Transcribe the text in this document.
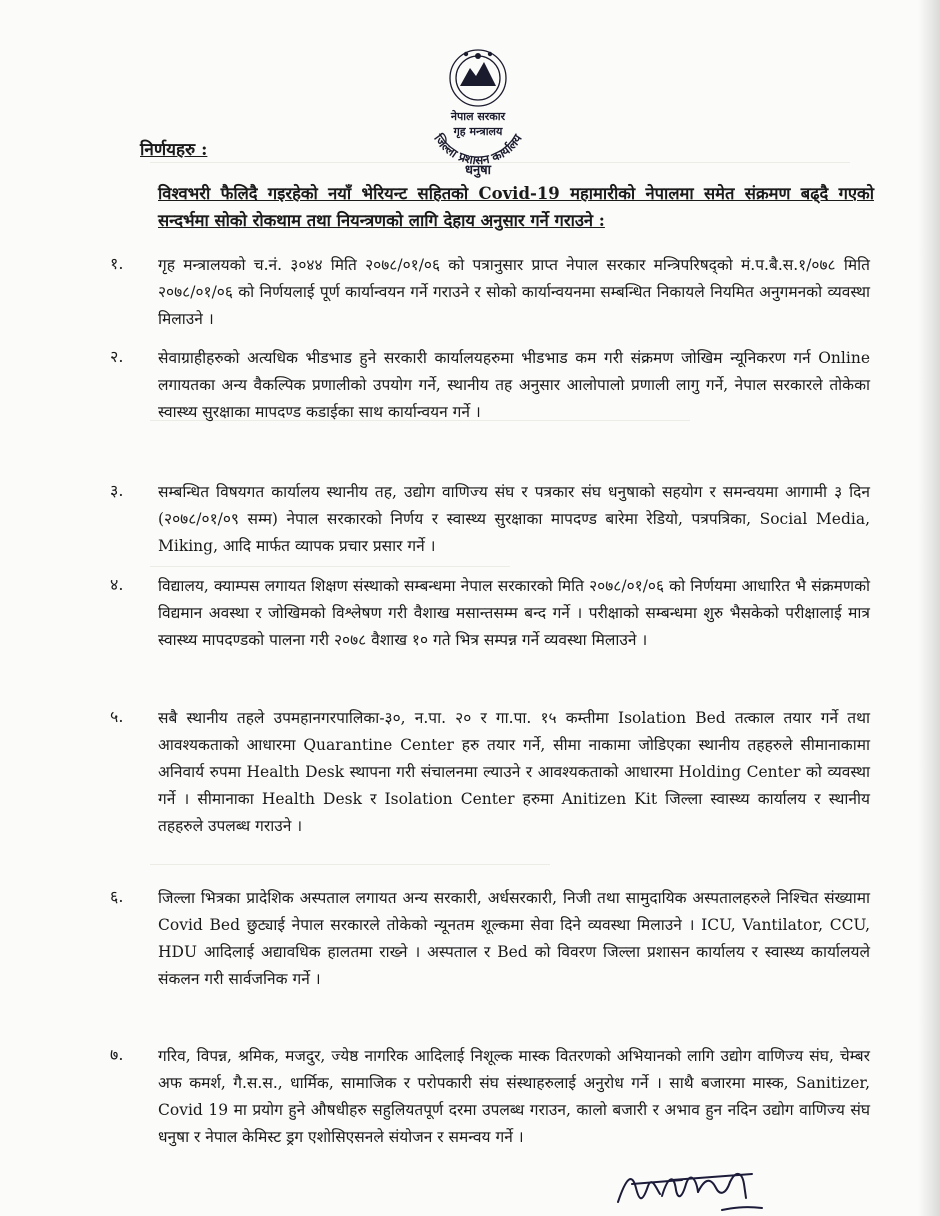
नेपाल सरकार
गृह मन्त्रालय
जिल्ला प्रशासन कार्यालय
धनुषा
निर्णयहरु :
विश्वभरी फैलिदै गइरहेको नयाँ भेरियन्ट सहितको Covid-19 महामारीको नेपालमा समेत संक्रमण बढ्दै गएको सन्दर्भमा सोको रोकथाम तथा नियन्त्रणको लागि देहाय अनुसार गर्ने गराउने :
१. गृह मन्त्रालयको च.नं. ३०४४ मिति २०७८/०१/०६ को पत्रानुसार प्राप्त नेपाल सरकार मन्त्रिपरिषद्को मं.प.बै.स.१/०७८ मिति २०७८/०१/०६ को निर्णयलाई पूर्ण कार्यान्वयन गर्ने गराउने र सोको कार्यान्वयनमा सम्बन्धित निकायले नियमित अनुगमनको व्यवस्था मिलाउने ।
२. सेवाग्राहीहरुको अत्यधिक भीडभाड हुने सरकारी कार्यालयहरुमा भीडभाड कम गरी संक्रमण जोखिम न्यूनिकरण गर्न Online लगायतका अन्य वैकल्पिक प्रणालीको उपयोग गर्ने, स्थानीय तह अनुसार आलोपालो प्रणाली लागु गर्ने, नेपाल सरकारले तोकेका स्वास्थ्य सुरक्षाका मापदण्ड कडाईका साथ कार्यान्वयन गर्ने ।
३. सम्बन्धित विषयगत कार्यालय स्थानीय तह, उद्योग वाणिज्य संघ र पत्रकार संघ धनुषाको सहयोग र समन्वयमा आगामी ३ दिन (२०७८/०१/०९ सम्म) नेपाल सरकारको निर्णय र स्वास्थ्य सुरक्षाका मापदण्ड बारेमा रेडियो, पत्रपत्रिका, Social Media, Miking, आदि मार्फत व्यापक प्रचार प्रसार गर्ने ।
४. विद्यालय, क्याम्पस लगायत शिक्षण संस्थाको सम्बन्धमा नेपाल सरकारको मिति २०७८/०१/०६ को निर्णयमा आधारित भै संक्रमणको विद्यमान अवस्था र जोखिमको विश्लेषण गरी वैशाख मसान्तसम्म बन्द गर्ने । परीक्षाको सम्बन्धमा शुरु भैसकेको परीक्षालाई मात्र स्वास्थ्य मापदण्डको पालना गरी २०७८ वैशाख १० गते भित्र सम्पन्न गर्ने व्यवस्था मिलाउने ।
५. सबै स्थानीय तहले उपमहानगरपालिका-३०, न.पा. २० र गा.पा. १५ कम्तीमा Isolation Bed तत्काल तयार गर्ने तथा आवश्यकताको आधारमा Quarantine Center हरु तयार गर्ने, सीमा नाकामा जोडिएका स्थानीय तहहरुले सीमानाकामा अनिवार्य रुपमा Health Desk स्थापना गरी संचालनमा ल्याउने र आवश्यकताको आधारमा Holding Center को व्यवस्था गर्ने । सीमानाका Health Desk र Isolation Center हरुमा Anitizen Kit जिल्ला स्वास्थ्य कार्यालय र स्थानीय तहहरुले उपलब्ध गराउने ।
६. जिल्ला भित्रका प्रादेशिक अस्पताल लगायत अन्य सरकारी, अर्धसरकारी, निजी तथा सामुदायिक अस्पतालहरुले निश्चित संख्यामा Covid Bed छुट्याई नेपाल सरकारले तोकेको न्यूनतम शूल्कमा सेवा दिने व्यवस्था मिलाउने । ICU, Vantilator, CCU, HDU आदिलाई अद्यावधिक हालतमा राख्ने । अस्पताल र Bed को विवरण जिल्ला प्रशासन कार्यालय र स्वास्थ्य कार्यालयले संकलन गरी सार्वजनिक गर्ने ।
७. गरिव, विपन्न, श्रमिक, मजदुर, ज्येष्ठ नागरिक आदिलाई निशूल्क मास्क वितरणको अभियानको लागि उद्योग वाणिज्य संघ, चेम्बर अफ कमर्श, गै.स.स., धार्मिक, सामाजिक र परोपकारी संघ संस्थाहरुलाई अनुरोध गर्ने । साथै बजारमा मास्क, Sanitizer, Covid 19 मा प्रयोग हुने औषधीहरु सहुलियतपूर्ण दरमा उपलब्ध गराउन, कालो बजारी र अभाव हुन नदिन उद्योग वाणिज्य संघ धनुषा र नेपाल केमिस्ट ड्रग एशोसिएसनले संयोजन र समन्वय गर्ने ।
